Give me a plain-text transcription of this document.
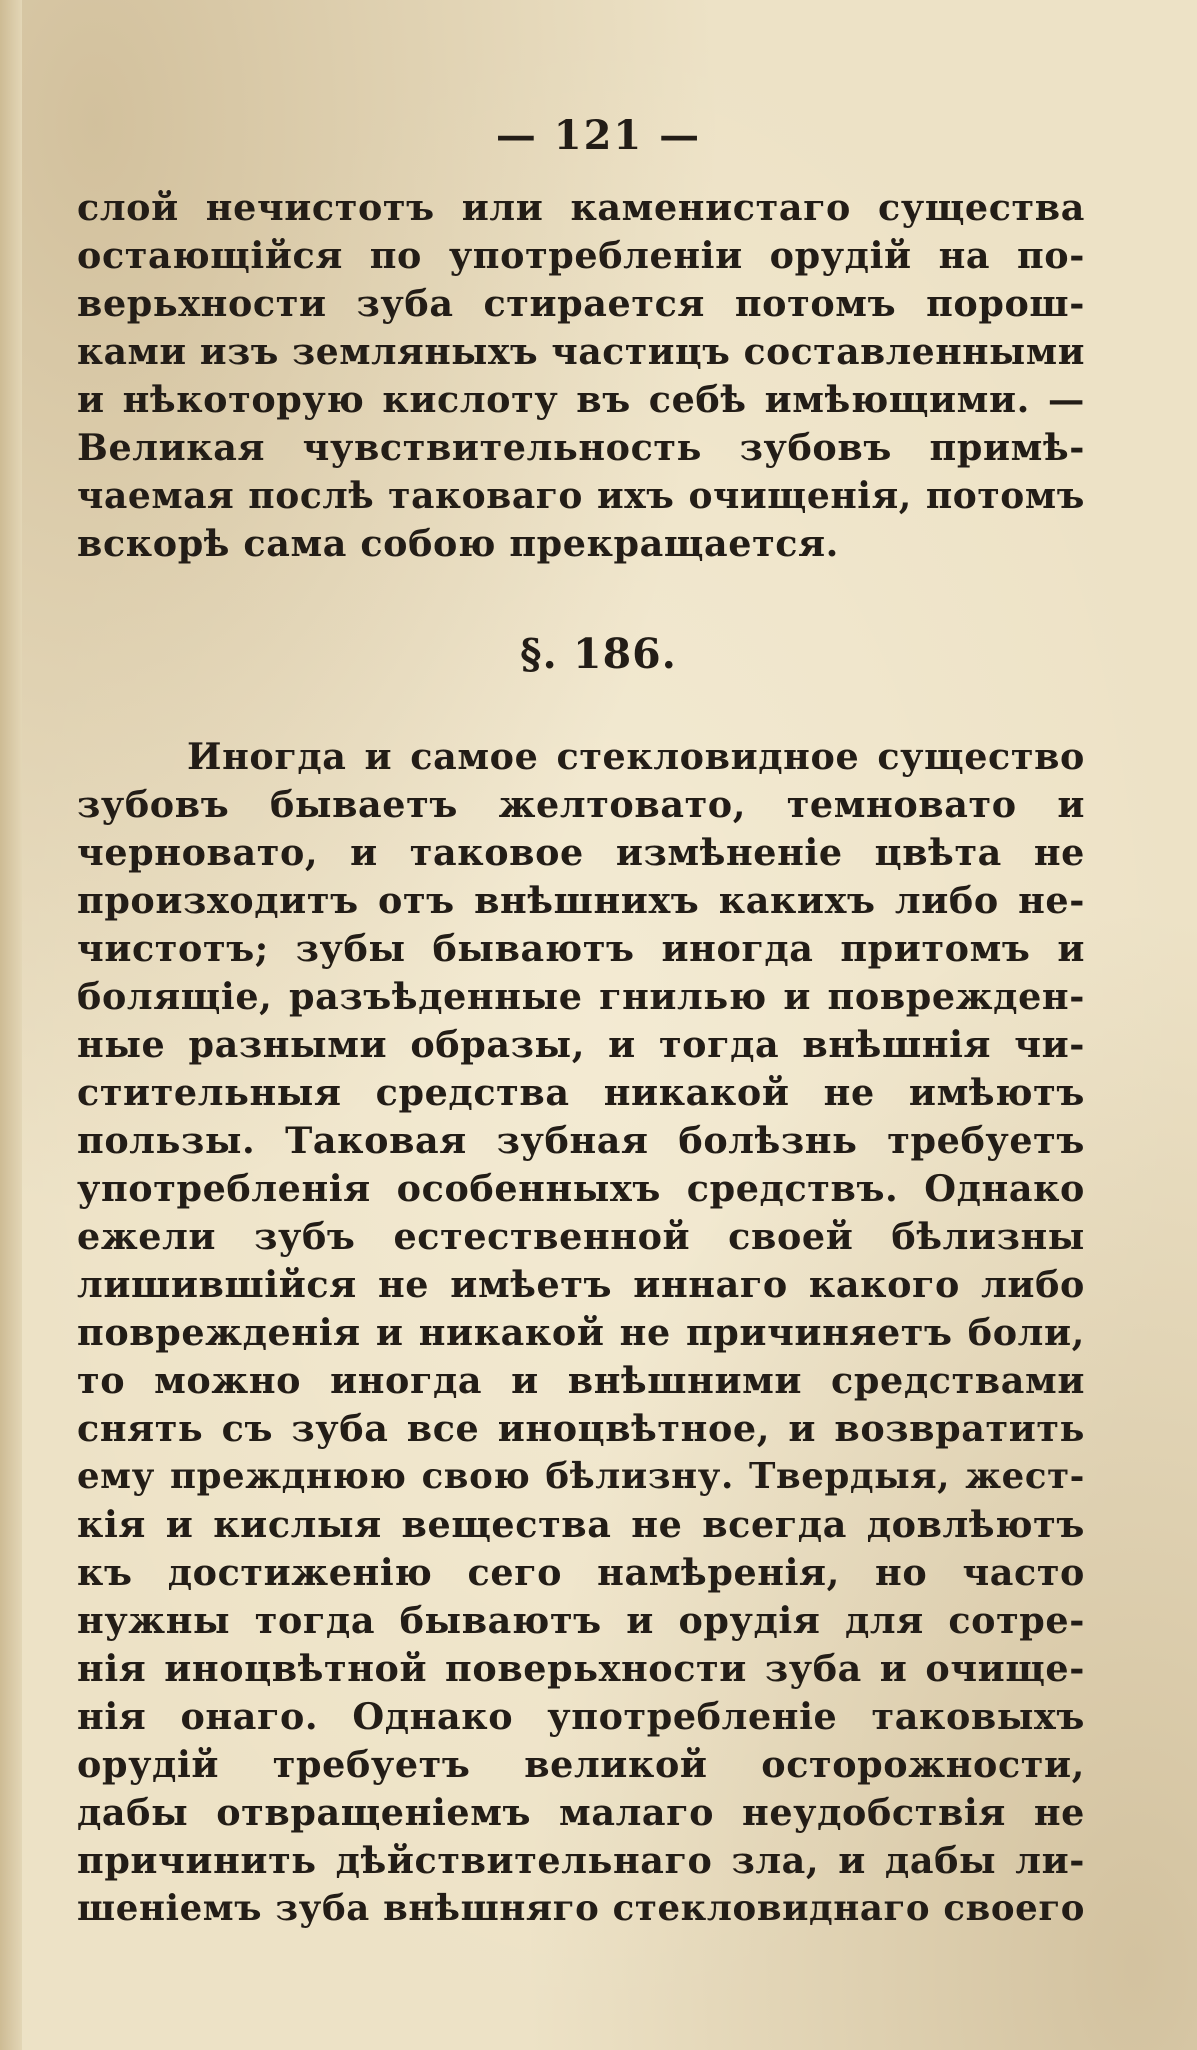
— 121 —
слой нечистотъ или каменистаго существа
остающійся по употребленіи орудій на по-
верьхности зуба стирается потомъ порош-
ками изъ земляныхъ частицъ составленными
и нѣкоторую кислоту въ себѣ имѣющими. —
Великая чувствительность зубовъ примѣ-
чаемая послѣ таковаго ихъ очищенія, потомъ
вскорѣ сама собою прекращается.
§. 186.
Иногда и самое стекловидное существо
зубовъ бываетъ желтовато, темновато и
черновато, и таковое измѣненіе цвѣта не
произходитъ отъ внѣшнихъ какихъ либо не-
чистотъ; зубы бываютъ иногда притомъ и
болящіе, разъѣденные гнилью и поврежден-
ные разными образы, и тогда внѣшнія чи-
стительныя средства никакой не имѣютъ
пользы. Таковая зубная болѣзнь требуетъ
употребленія особенныхъ средствъ. Однако
ежели зубъ естественной своей бѣлизны
лишившійся не имѣетъ иннаго какого либо
поврежденія и никакой не причиняетъ боли,
то можно иногда и внѣшними средствами
снять съ зуба все иноцвѣтное, и возвратить
ему прежднюю свою бѣлизну. Твердыя, жест-
кія и кислыя вещества не всегда довлѣютъ
къ достиженію сего намѣренія, но часто
нужны тогда бываютъ и орудія для сотре-
нія иноцвѣтной поверьхности зуба и очище-
нія онаго. Однако употребленіе таковыхъ
орудій требуетъ великой осторожности,
дабы отвращеніемъ малаго неудобствія не
причинить дѣйствительнаго зла, и дабы ли-
шеніемъ зуба внѣшняго стекловиднаго своего
